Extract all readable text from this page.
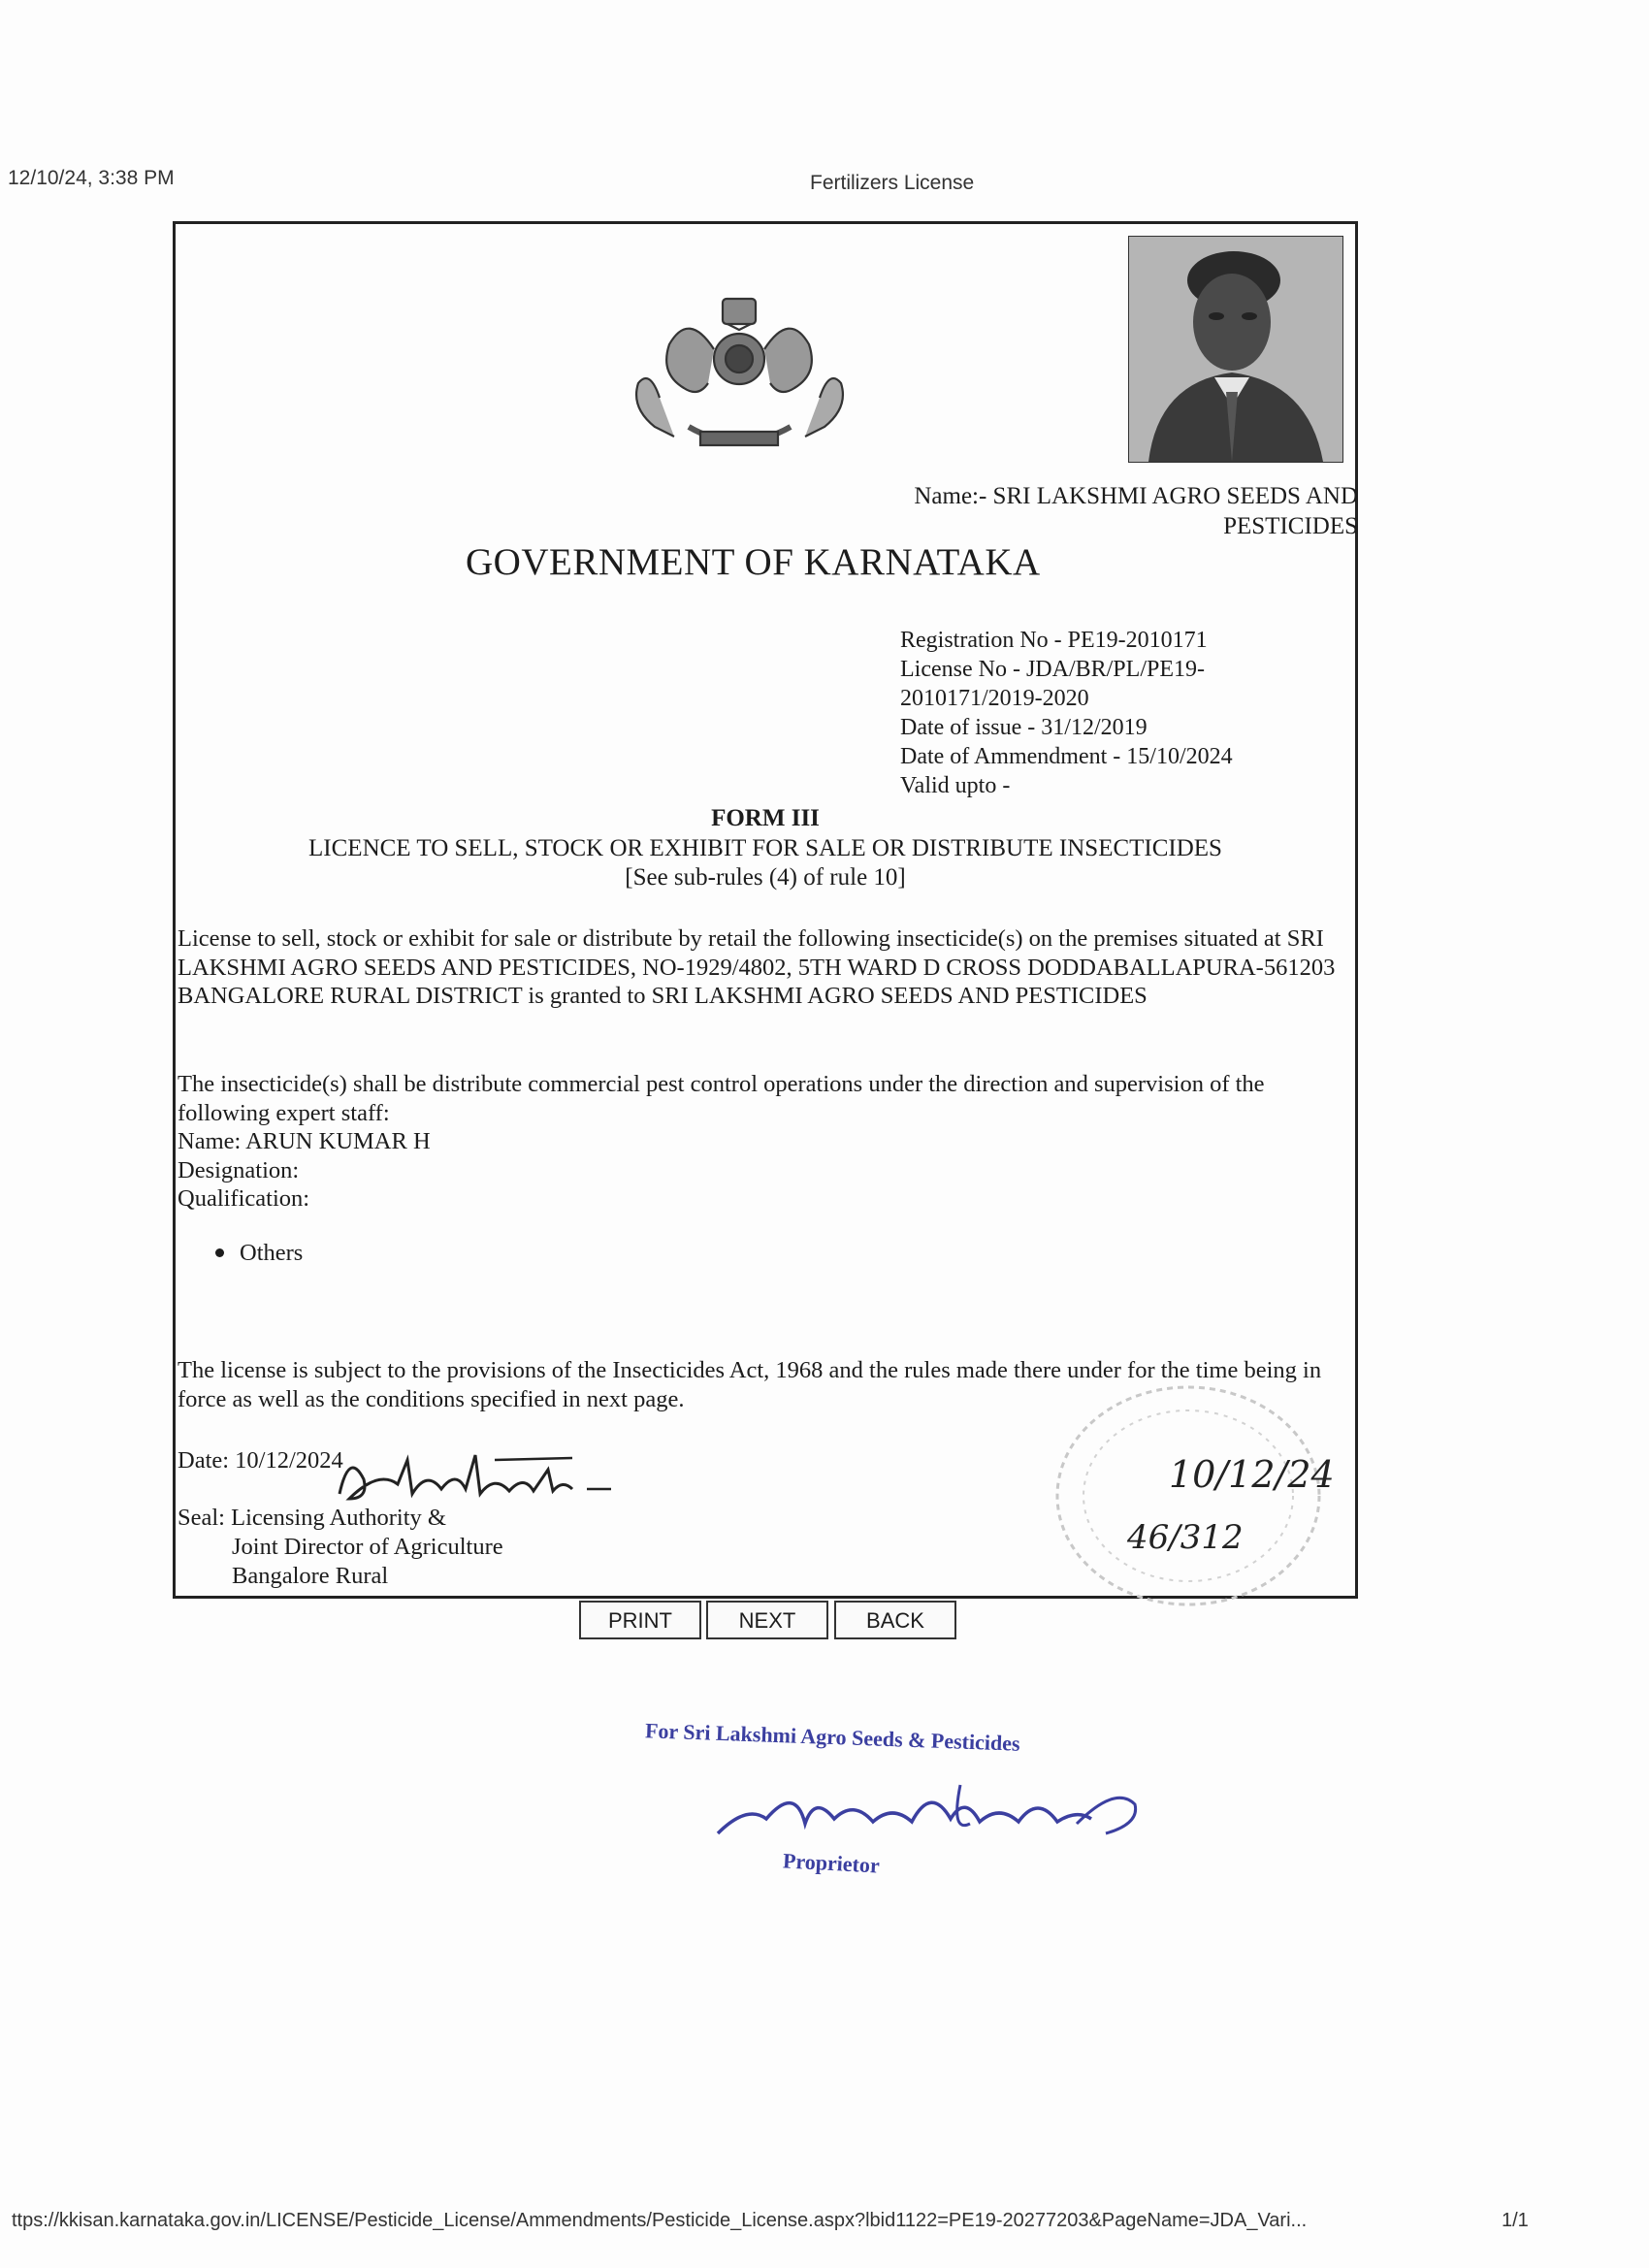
12/10/24, 3:38 PM	Fertilizers License
Name:- SRI LAKSHMI AGRO SEEDS AND
PESTICIDES
GOVERNMENT OF KARNATAKA
Registration No - PE19-2010171
License No - JDA/BR/PL/PE19-
2010171/2019-2020
Date of issue - 31/12/2019
Date of Ammendment - 15/10/2024
Valid upto -
FORM III
LICENCE TO SELL, STOCK OR EXHIBIT FOR SALE OR DISTRIBUTE INSECTICIDES
[See sub-rules (4) of rule 10]
License to sell, stock or exhibit for sale or distribute by retail the following insecticide(s) on the premises situated at SRI LAKSHMI AGRO SEEDS AND PESTICIDES, NO-1929/4802, 5TH WARD D CROSS DODDABALLAPURA-561203 BANGALORE RURAL DISTRICT is granted to SRI LAKSHMI AGRO SEEDS AND PESTICIDES
The insecticide(s) shall be distribute commercial pest control operations under the direction and supervision of the following expert staff:
Name: ARUN KUMAR H
Designation:
Qualification:
Others
The license is subject to the provisions of the Insecticides Act, 1968 and the rules made there under for the time being in force as well as the conditions specified in next page.
Date: 10/12/2024
Seal: Licensing Authority &
Joint Director of Agriculture
Bangalore Rural
10/12/24
46/312
PRINT	NEXT	BACK
For Sri Lakshmi Agro Seeds & Pesticides
Proprietor
ttps://kkisan.karnataka.gov.in/LICENSE/Pesticide_License/Ammendments/Pesticide_License.aspx?lbid1122=PE19-20277203&PageName=JDA_Vari...	1/1
